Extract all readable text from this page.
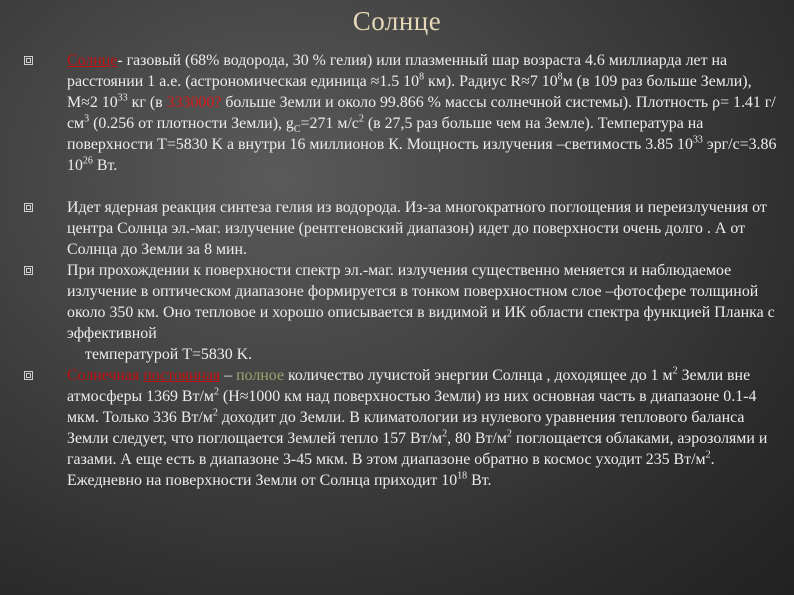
Солнце
Солнце- газовый (68% водорода, 30 % гелия) или плазменный шар возраста 4.6 миллиарда лет на расстоянии 1 а.е. (астрономическая единица ≈1.5 $10^8$ км). Радиус R≈7 $10^8м$ (в 109 раз больше Земли), M≈2 $10^{33}$ кг (в 333000? больше Земли и около 99.866 % массы солнечной системы). Плотность ρ= 1.41 $г/см^3$ (0.256 от плотности Земли), $g_C=271$ $м/с^2$ (в 27,5 раз больше чем на Земле). Температура на поверхности T=5830 K а внутри 16 миллионов К. Мощность излучения –светимость 3.85 $10^{33}$ эрг/с=3.86 $10^{26}$ Вт.
Идет ядерная реакция синтеза гелия из водорода. Из-за многократного поглощения и переизлучения от центра Солнца эл.-маг. излучение (рентгеновский диапазон) идет до поверхности очень долго . А от Солнца до Земли за 8 мин.
При прохождении к поверхности спектр эл.-маг. излучения существенно меняется и наблюдаемое излучение в оптическом диапазоне формируется в тонком поверхностном слое –фотосфере толщиной около 350 км. Оно тепловое и хорошо описывается в видимой и ИК области спектра функцией Планка с эффективной
температурой T=5830 K.
Солнечная постоянная – полное количество лучистой энергии Солнца , доходящее до 1 $м^2$ Земли вне атмосферы 1369 $Вт/м^2$ (H≈1000 км над поверхностью Земли) из них основная часть в диапазоне 0.1-4 мкм. Только 336 $Вт/м^2$ доходит до Земли. В климатологии из нулевого уравнения теплового баланса Земли следует, что поглощается Землей тепло 157 $Вт/м^2$, 80 $Вт/м^2$ поглощается облаками, аэрозолями и газами. А еще есть в диапазоне 3-45 мкм. В этом диапазоне обратно в космос уходит 235 $Вт/м^2$. Ежедневно на поверхности Земли от Солнца приходит $10^{18}$ Вт.
